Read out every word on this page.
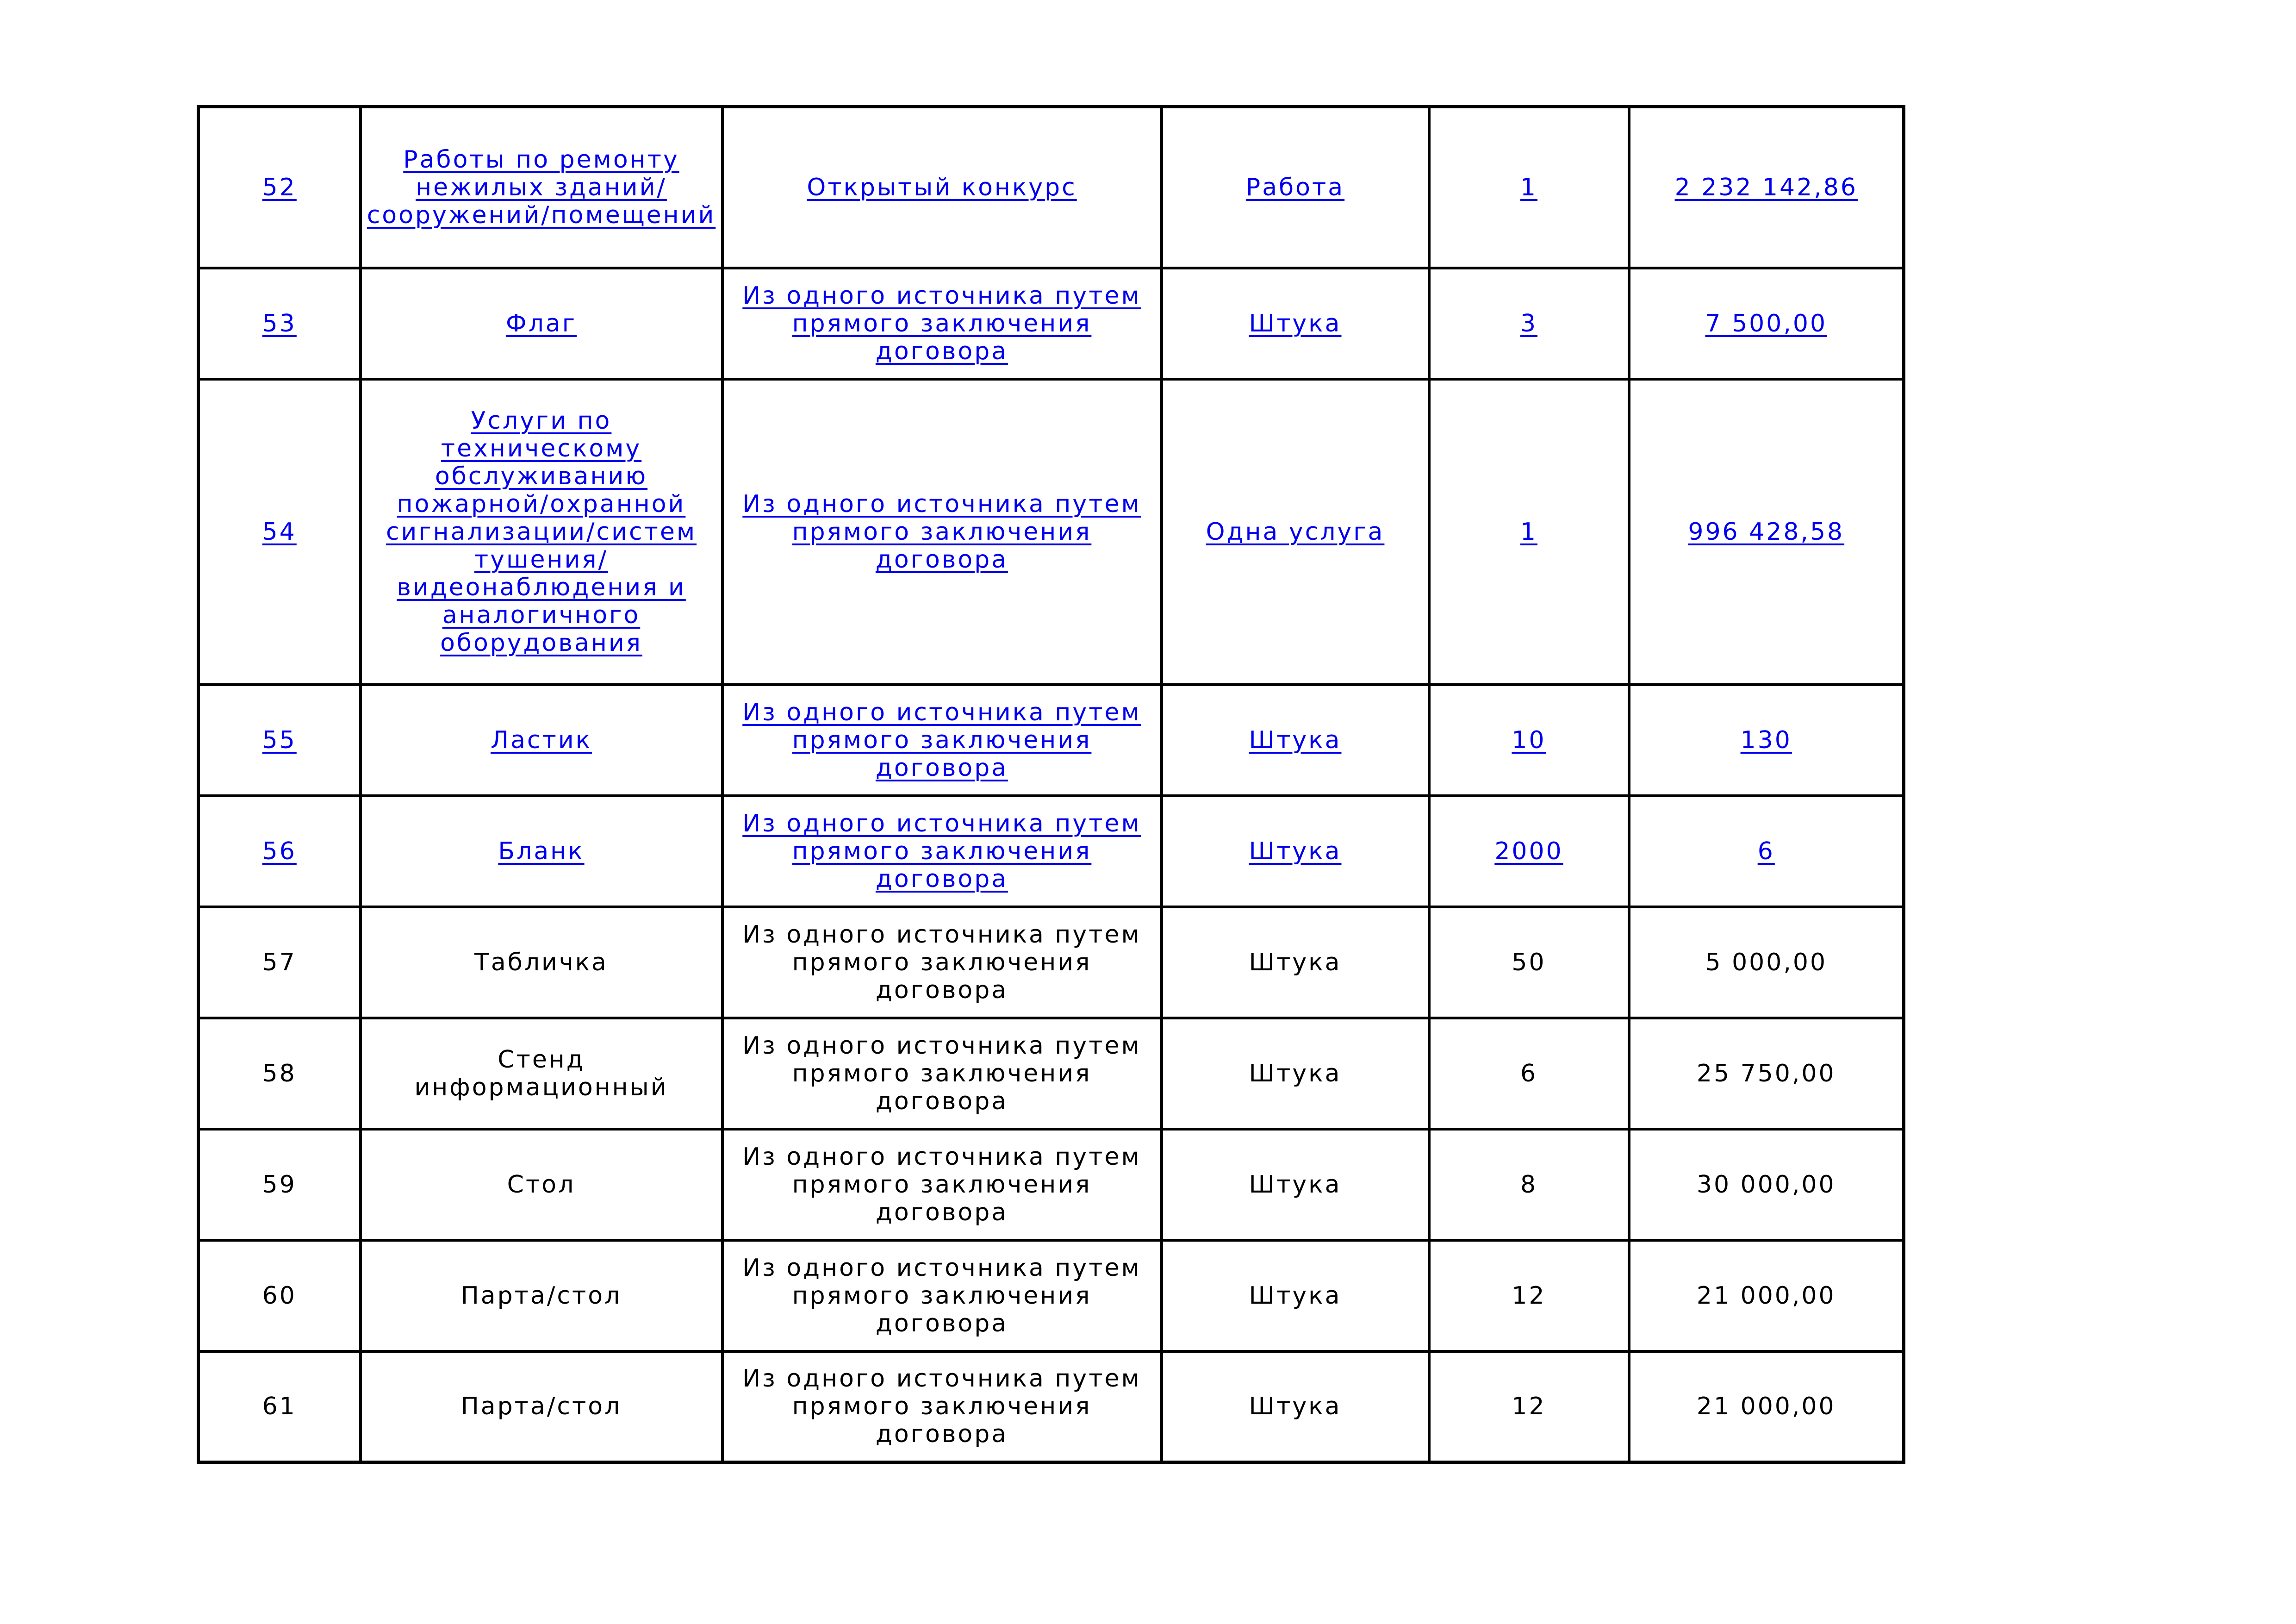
52	Работы по ремонту нежилых зданий/сооружений/помещений	Открытый конкурс	Работа	1	2 232 142,86
53	Флаг	Из одного источника путем прямого заключения договора	Штука	3	7 500,00
54	Услуги по техническому обслуживанию пожарной/охранной сигнализации/систем тушения/видеонаблюдения и аналогичного оборудования	Из одного источника путем прямого заключения договора	Одна услуга	1	996 428,58
55	Ластик	Из одного источника путем прямого заключения договора	Штука	10	130
56	Бланк	Из одного источника путем прямого заключения договора	Штука	2000	6
57	Табличка	Из одного источника путем прямого заключения договора	Штука	50	5 000,00
58	Стенд информационный	Из одного источника путем прямого заключения договора	Штука	6	25 750,00
59	Стол	Из одного источника путем прямого заключения договора	Штука	8	30 000,00
60	Парта/стол	Из одного источника путем прямого заключения договора	Штука	12	21 000,00
61	Парта/стол	Из одного источника путем прямого заключения договора	Штука	12	21 000,00
